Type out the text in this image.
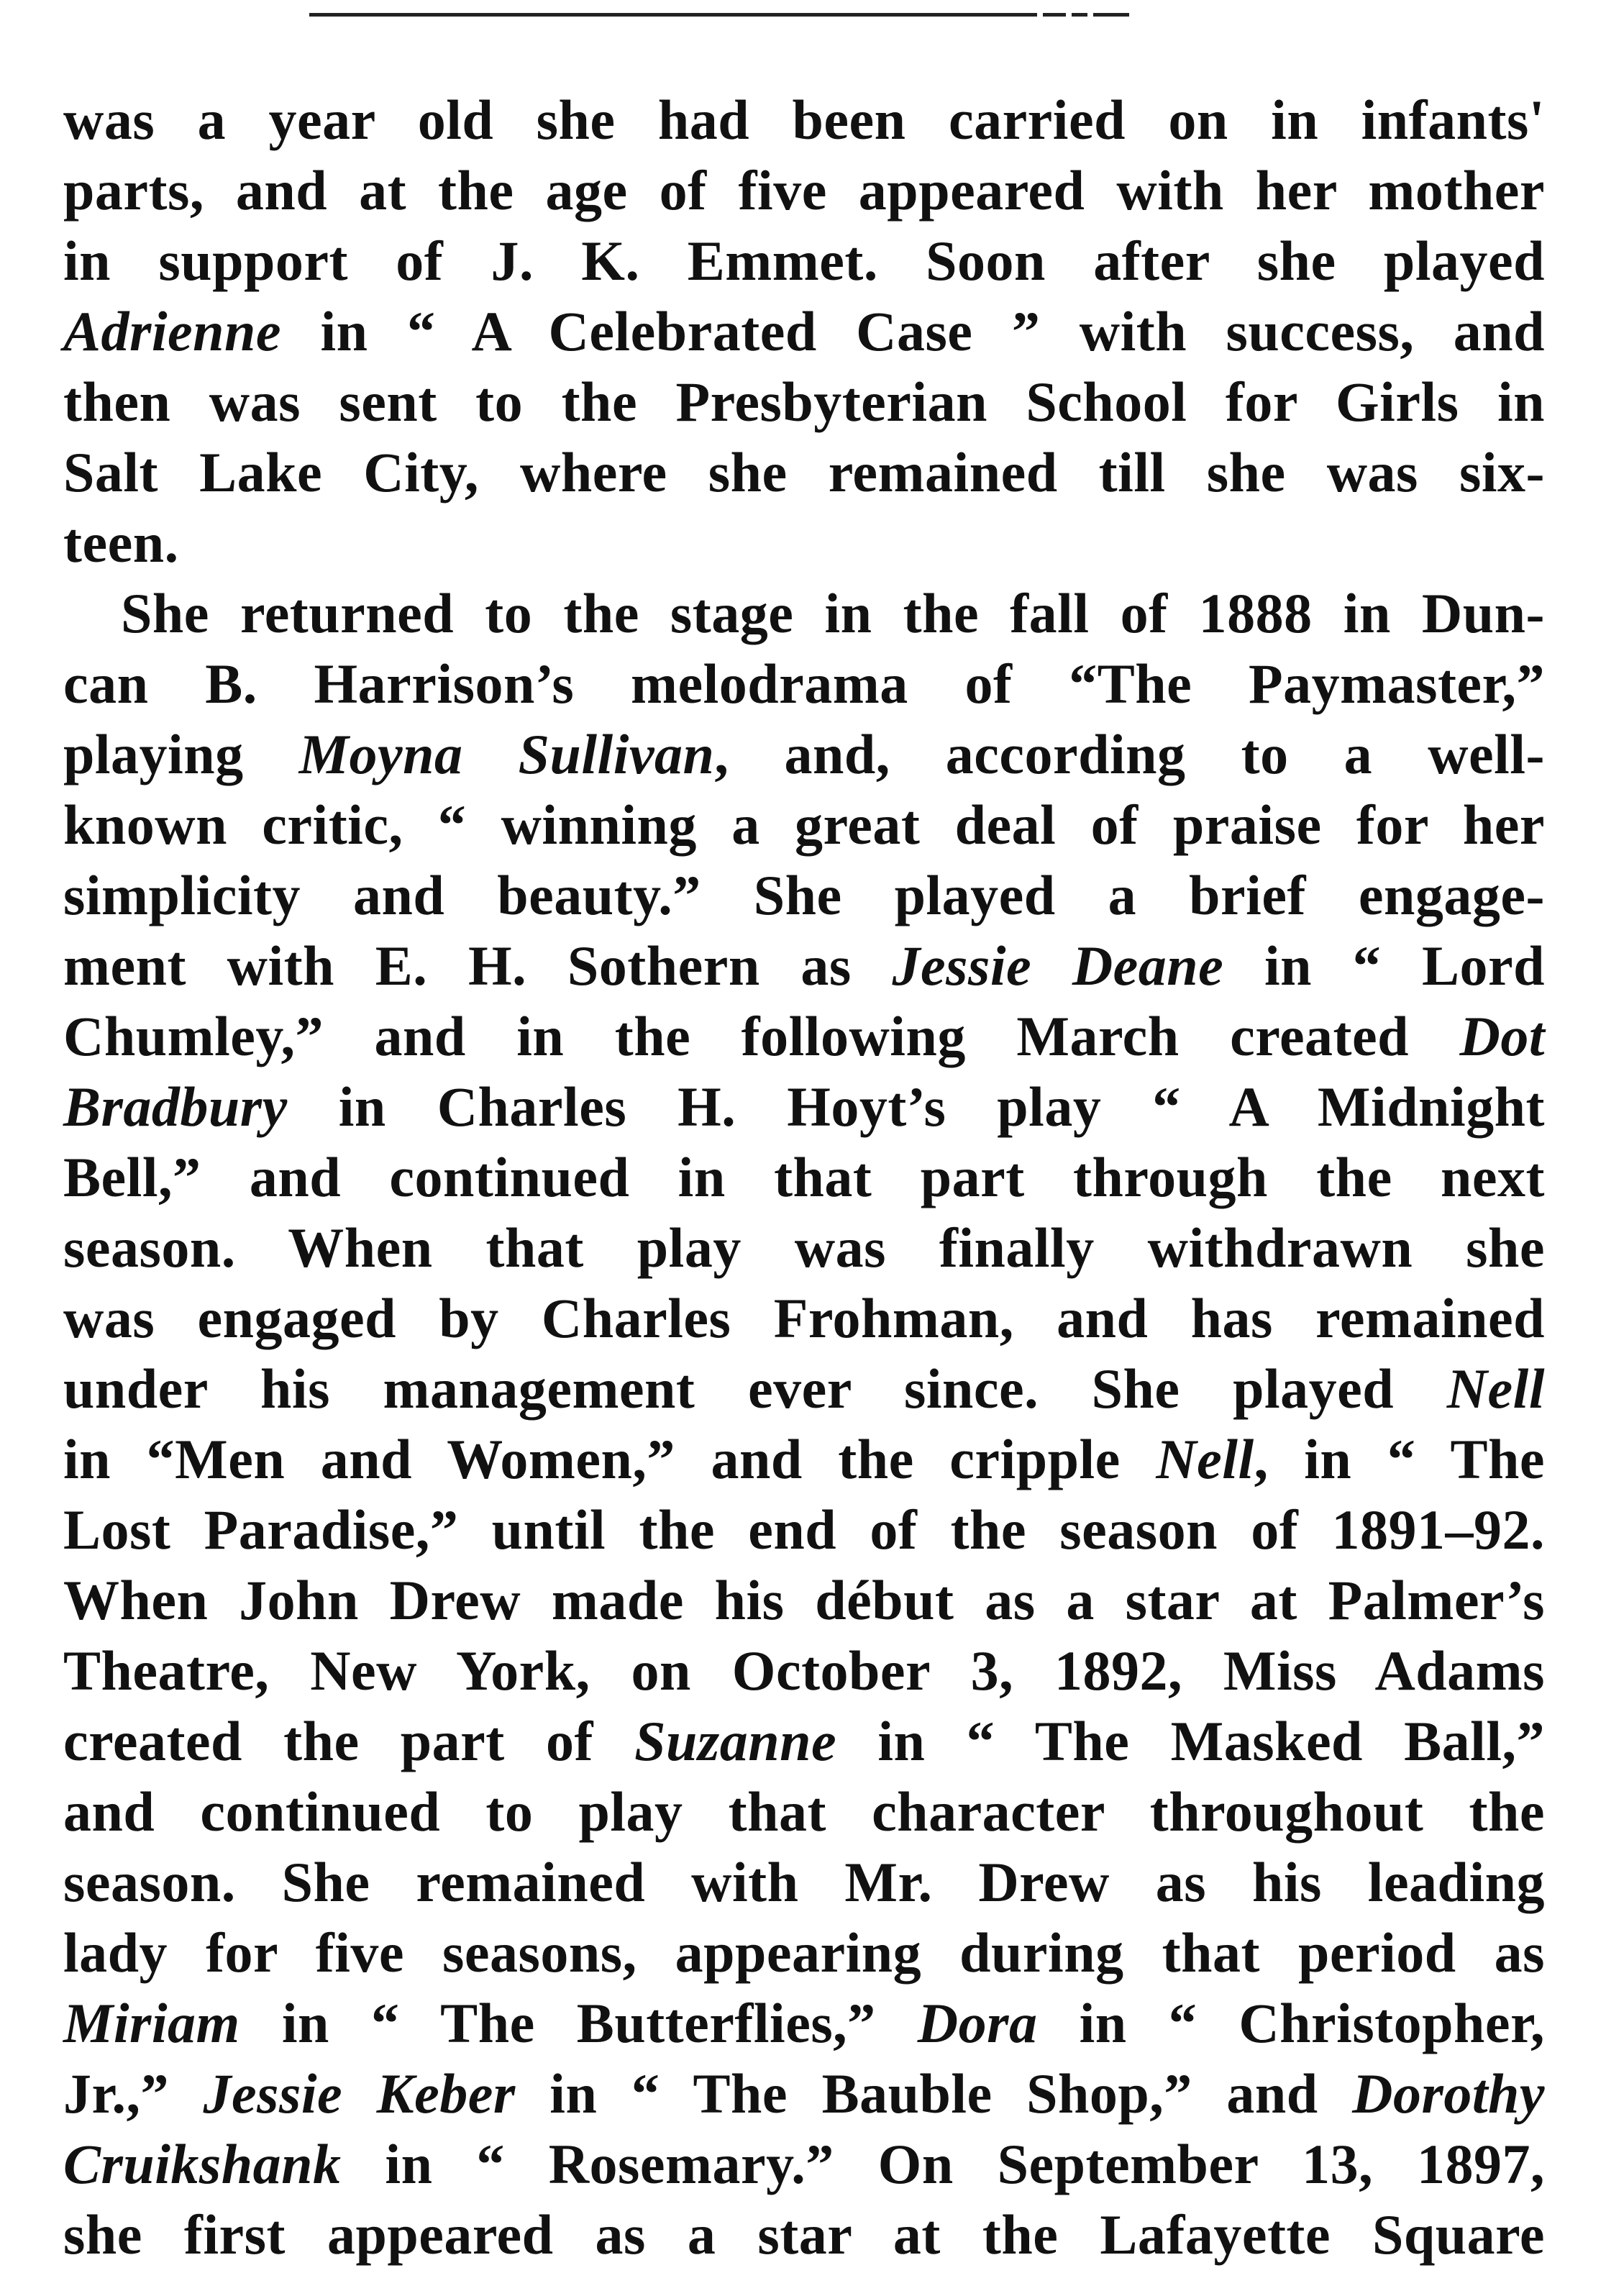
was a year old she had been carried on in infants'
parts, and at the age of five appeared with her mother
in support of J. K. Emmet. Soon after she played
Adrienne in “ A Celebrated Case ” with success, and
then was sent to the Presbyterian School for Girls in
Salt Lake City, where she remained till she was six-
teen.
She returned to the stage in the fall of 1888 in Dun-
can B. Harrison’s melodrama of “The Paymaster,”
playing Moyna Sullivan, and, according to a well-
known critic, “ winning a great deal of praise for her
simplicity and beauty.” She played a brief engage-
ment with E. H. Sothern as Jessie Deane in “ Lord
Chumley,” and in the following March created Dot
Bradbury in Charles H. Hoyt’s play “ A Midnight
Bell,” and continued in that part through the next
season. When that play was finally withdrawn she
was engaged by Charles Frohman, and has remained
under his management ever since. She played Nell
in “Men and Women,” and the cripple Nell, in “ The
Lost Paradise,” until the end of the season of 1891–92.
When John Drew made his début as a star at Palmer’s
Theatre, New York, on October 3, 1892, Miss Adams
created the part of Suzanne in “ The Masked Ball,”
and continued to play that character throughout the
season. She remained with Mr. Drew as his leading
lady for five seasons, appearing during that period as
Miriam in “ The Butterflies,” Dora in “ Christopher,
Jr.,” Jessie Keber in “ The Bauble Shop,” and Dorothy
Cruikshank in “ Rosemary.” On September 13, 1897,
she first appeared as a star at the Lafayette Square
